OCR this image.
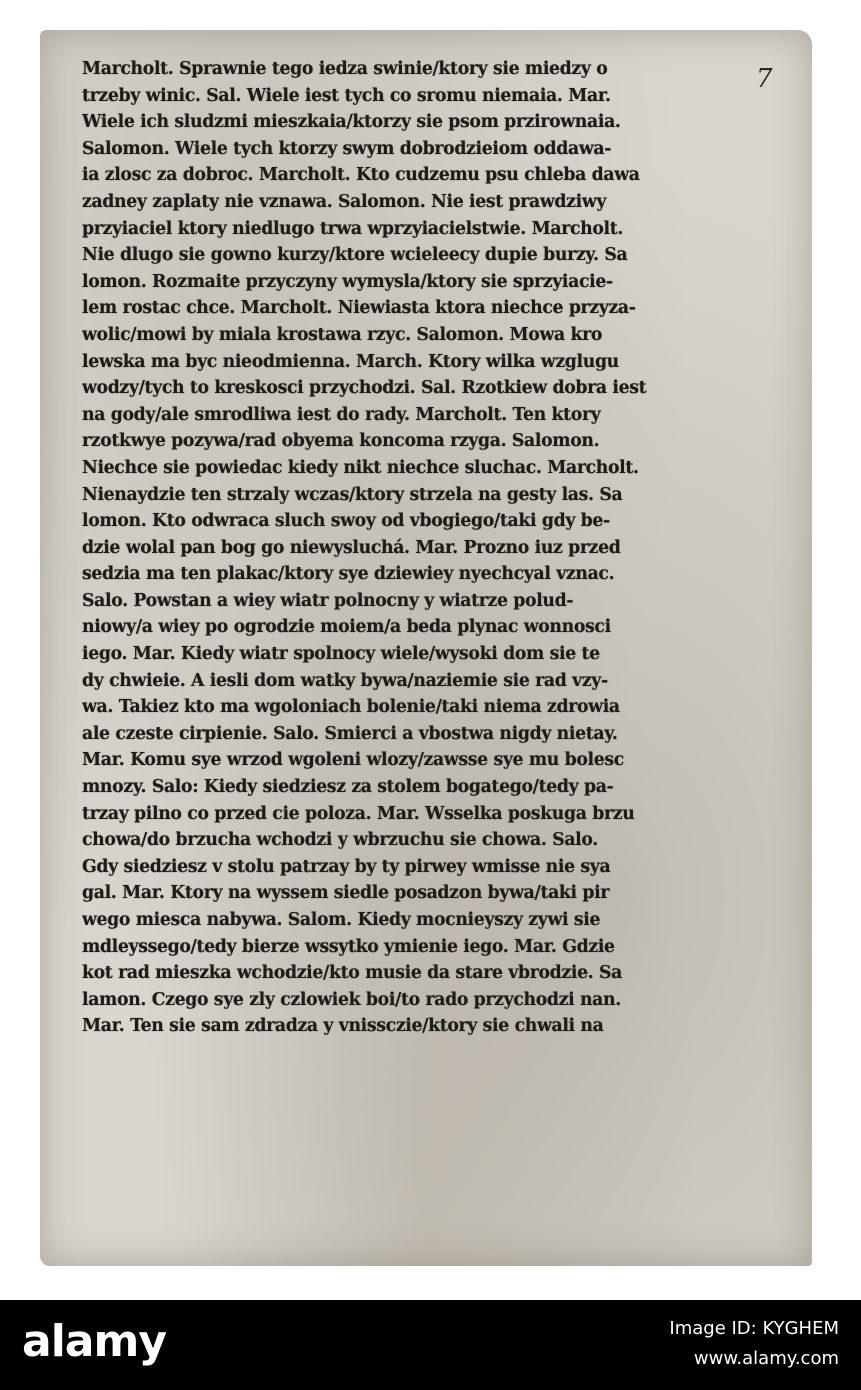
7

Marcholt. Sprawnie tego iedza swinie/ktory sie miedzy o
trzeby winic. Sal. Wiele iest tych co sromu niemaia. Mar.
Wiele ich sludzmi mieszkaia/ktorzy sie psom przirownaia.
Salomon. Wiele tych ktorzy swym dobrodzieiom oddawa-
ia zlosc za dobroc. Marcholt. Kto cudzemu psu chleba dawa
zadney zaplaty nie vznawa. Salomon. Nie iest prawdziwy
przyiaciel ktory niedlugo trwa wprzyiacielstwie. Marcholt.
Nie dlugo sie gowno kurzy/ktore wcieleecy dupie burzy. Sa
lomon. Rozmaite przyczyny wymysla/ktory sie sprzyiacie-
lem rostac chce. Marcholt. Niewiasta ktora niechce przyza-
wolic/mowi by miala krostawa rzyc. Salomon. Mowa kro
lewska ma byc nieodmienna. March. Ktory wilka wzglugu
wodzy/tych to kreskosci przychodzi. Sal. Rzotkiew dobra iest
na gody/ale smrodliwa iest do rady. Marcholt. Ten ktory
rzotkwye pozywa/rad obyema koncoma rzyga. Salomon.
Niechce sie powiedac kiedy nikt niechce sluchac. Marcholt.
Nienaydzie ten strzaly wczas/ktory strzela na gesty las. Sa
lomon. Kto odwraca sluch swoy od vbogiego/taki gdy be-
dzie wolal pan bog go niewysluchá. Mar. Prozno iuz przed
sedzia ma ten plakac/ktory sye dziewiey nyechcyal vznac.
Salo. Powstan a wiey wiatr polnocny y wiatrze polud-
niowy/a wiey po ogrodzie moiem/a beda plynac wonnosci
iego. Mar. Kiedy wiatr spolnocy wiele/wysoki dom sie te
dy chwieie. A iesli dom watky bywa/naziemie sie rad vzy-
wa. Takiez kto ma wgoloniach bolenie/taki niema zdrowia
ale czeste cirpienie. Salo. Smierci a vbostwa nigdy nietay.
Mar. Komu sye wrzod wgoleni wlozy/zawsse sye mu bolesc
mnozy. Salo: Kiedy siedziesz za stolem bogatego/tedy pa-
trzay pilno co przed cie poloza. Mar. Wsselka poskuga brzu
chowa/do brzucha wchodzi y wbrzuchu sie chowa. Salo.
Gdy siedziesz v stolu patrzay by ty pirwey wmisse nie sya
gal. Mar. Ktory na wyssem siedle posadzon bywa/taki pir
wego miesca nabywa. Salom. Kiedy mocnieyszy zywi sie
mdleyssego/tedy bierze wssytko ymienie iego. Mar. Gdzie
kot rad mieszka wchodzie/kto musie da stare vbrodzie. Sa
lamon. Czego sye zly czlowiek boi/to rado przychodzi nan.
Mar. Ten sie sam zdradza y vnissczie/ktory sie chwali na

alamy	Image ID: KYGHEM

www.alamy.com
